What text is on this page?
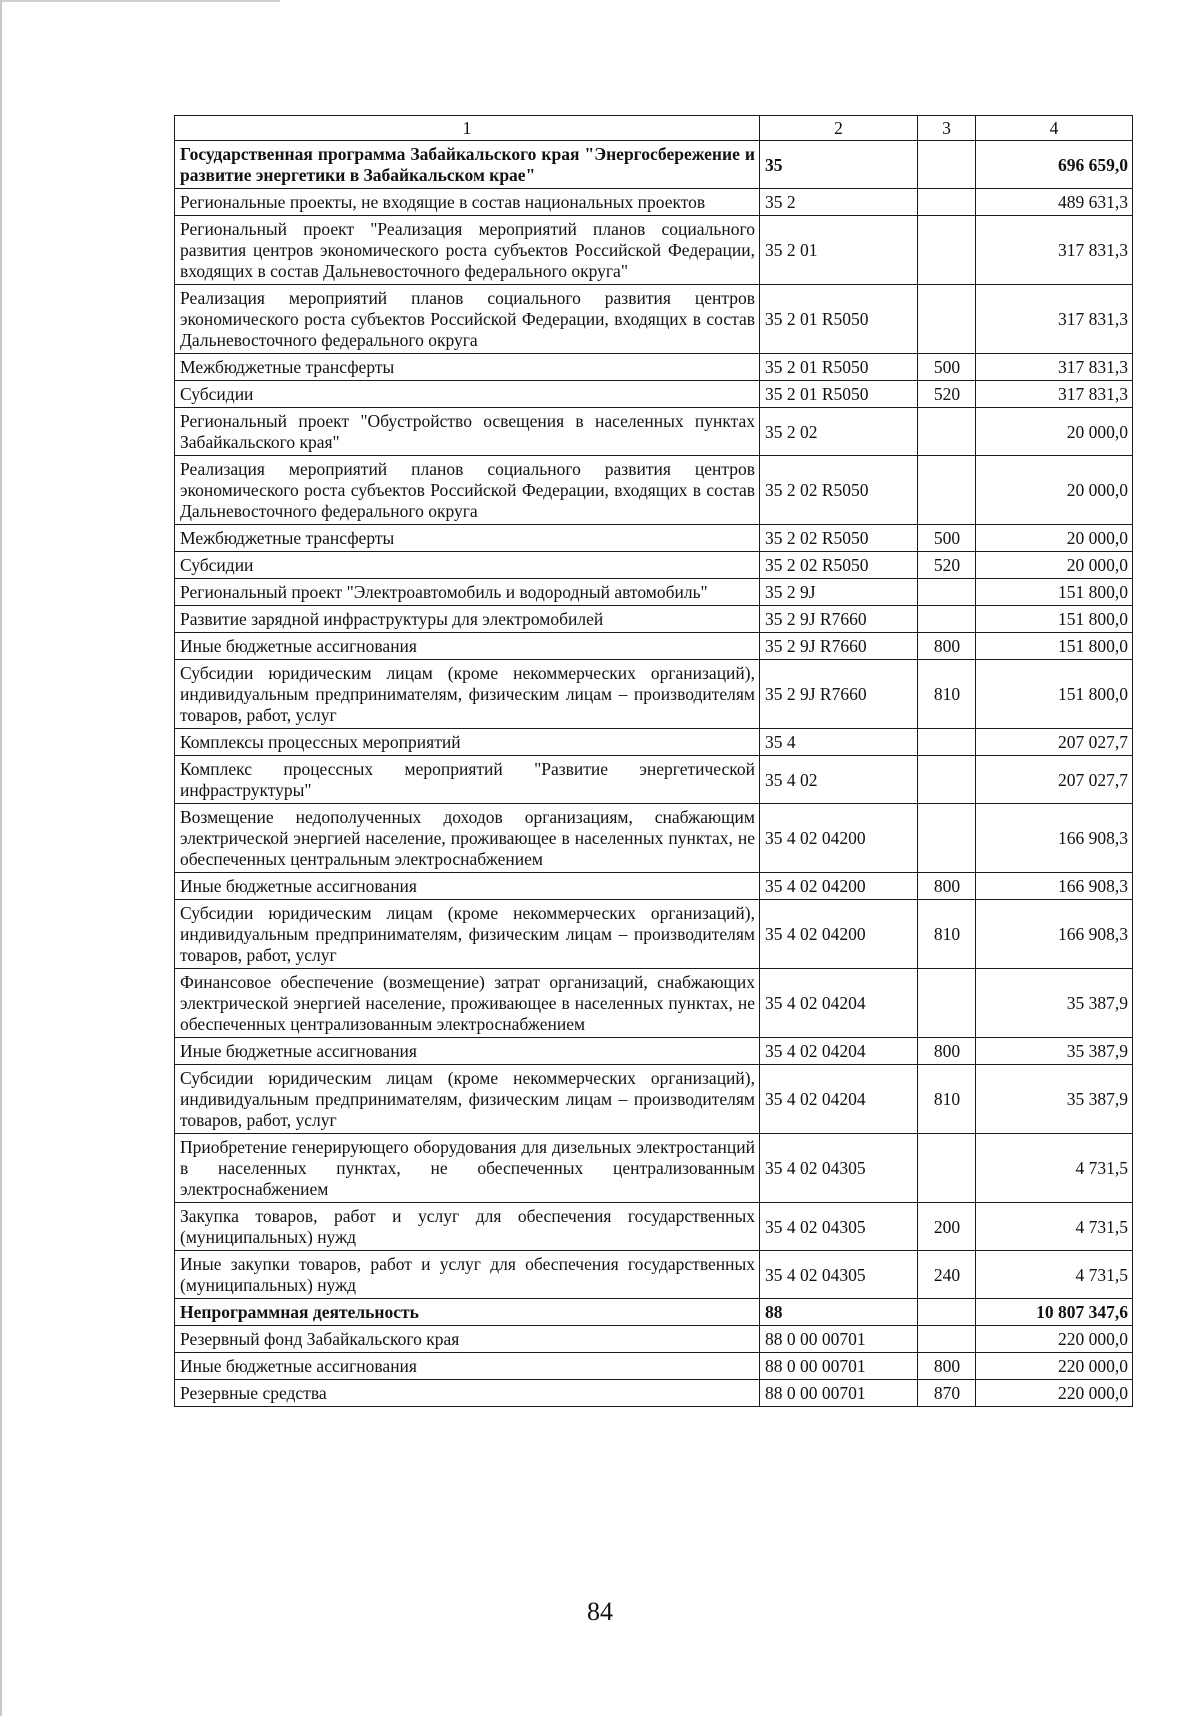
1	2	3	4
Государственная программа Забайкальского края "Энергосбережение и развитие энергетики в Забайкальском крае"	35		696 659,0
Региональные проекты, не входящие в состав национальных проектов	35 2		489 631,3
Региональный проект "Реализация мероприятий планов социального развития центров экономического роста субъектов Российской Федерации, входящих в состав Дальневосточного федерального округа"	35 2 01		317 831,3
Реализация мероприятий планов социального развития центров экономического роста субъектов Российской Федерации, входящих в состав Дальневосточного федерального округа	35 2 01 R5050		317 831,3
Межбюджетные трансферты	35 2 01 R5050	500	317 831,3
Субсидии	35 2 01 R5050	520	317 831,3
Региональный проект "Обустройство освещения в населенных пунктах Забайкальского края"	35 2 02		20 000,0
Реализация мероприятий планов социального развития центров экономического роста субъектов Российской Федерации, входящих в состав Дальневосточного федерального округа	35 2 02 R5050		20 000,0
Межбюджетные трансферты	35 2 02 R5050	500	20 000,0
Субсидии	35 2 02 R5050	520	20 000,0
Региональный проект "Электроавтомобиль и водородный автомобиль"	35 2 9J		151 800,0
Развитие зарядной инфраструктуры для электромобилей	35 2 9J R7660		151 800,0
Иные бюджетные ассигнования	35 2 9J R7660	800	151 800,0
Субсидии юридическим лицам (кроме некоммерческих организаций), индивидуальным предпринимателям, физическим лицам – производителям товаров, работ, услуг	35 2 9J R7660	810	151 800,0
Комплексы процессных мероприятий	35 4		207 027,7
Комплекс процессных мероприятий "Развитие энергетической инфраструктуры"	35 4 02		207 027,7
Возмещение недополученных доходов организациям, снабжающим электрической энергией население, проживающее в населенных пунктах, не обеспеченных центральным электроснабжением	35 4 02 04200		166 908,3
Иные бюджетные ассигнования	35 4 02 04200	800	166 908,3
Субсидии юридическим лицам (кроме некоммерческих организаций), индивидуальным предпринимателям, физическим лицам – производителям товаров, работ, услуг	35 4 02 04200	810	166 908,3
Финансовое обеспечение (возмещение) затрат организаций, снабжающих электрической энергией население, проживающее в населенных пунктах, не обеспеченных централизованным электроснабжением	35 4 02 04204		35 387,9
Иные бюджетные ассигнования	35 4 02 04204	800	35 387,9
Субсидии юридическим лицам (кроме некоммерческих организаций), индивидуальным предпринимателям, физическим лицам – производителям товаров, работ, услуг	35 4 02 04204	810	35 387,9
Приобретение генерирующего оборудования для дизельных электростанций в населенных пунктах, не обеспеченных централизованным электроснабжением	35 4 02 04305		4 731,5
Закупка товаров, работ и услуг для обеспечения государственных (муниципальных) нужд	35 4 02 04305	200	4 731,5
Иные закупки товаров, работ и услуг для обеспечения государственных (муниципальных) нужд	35 4 02 04305	240	4 731,5
Непрограммная деятельность	88		10 807 347,6
Резервный фонд Забайкальского края	88 0 00 00701		220 000,0
Иные бюджетные ассигнования	88 0 00 00701	800	220 000,0
Резервные средства	88 0 00 00701	870	220 000,0
84
